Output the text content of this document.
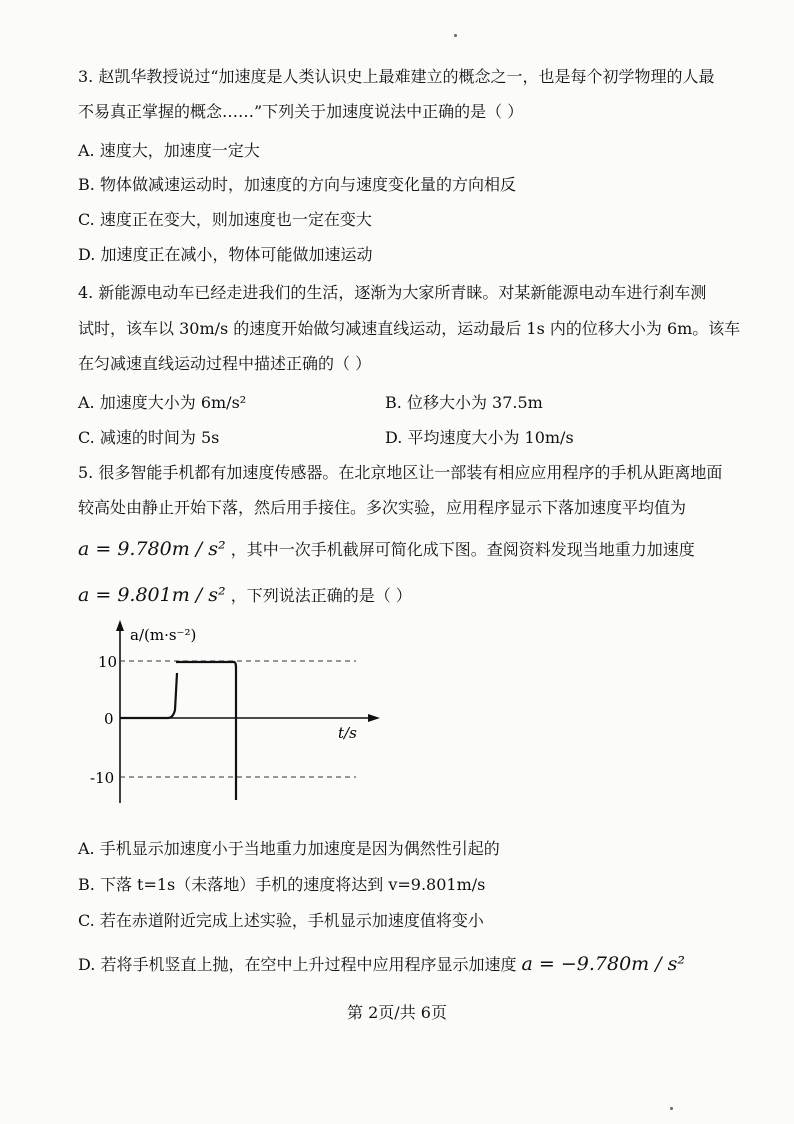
3. 赵凯华教授说过“加速度是人类认识史上最难建立的概念之一，也是每个初学物理的人最
不易真正掌握的概念……”下列关于加速度说法中正确的是（ ）
A. 速度大，加速度一定大
B. 物体做减速运动时，加速度的方向与速度变化量的方向相反
C. 速度正在变大，则加速度也一定在变大
D. 加速度正在减小，物体可能做加速运动
4. 新能源电动车已经走进我们的生活，逐渐为大家所青睐。对某新能源电动车进行刹车测
试时，该车以 30m/s 的速度开始做匀减速直线运动，运动最后 1s 内的位移大小为 6m。该车
在匀减速直线运动过程中描述正确的（ ）
A. 加速度大小为 6m/s²	B. 位移大小为 37.5m
C. 减速的时间为 5s	D. 平均速度大小为 10m/s
5. 很多智能手机都有加速度传感器。在北京地区让一部装有相应应用程序的手机从距离地面
较高处由静止开始下落，然后用手接住。多次实验，应用程序显示下落加速度平均值为
a = 9.780m / s² ，其中一次手机截屏可简化成下图。查阅资料发现当地重力加速度
a = 9.801m / s² ，下列说法正确的是（ ）
10
0
-10
a/(m·s⁻²)
t/s
A. 手机显示加速度小于当地重力加速度是因为偶然性引起的
B. 下落 t=1s（未落地）手机的速度将达到 v=9.801m/s
C. 若在赤道附近完成上述实验，手机显示加速度值将变小
D. 若将手机竖直上抛，在空中上升过程中应用程序显示加速度 a = −9.780m / s²
第 2页/共 6页
